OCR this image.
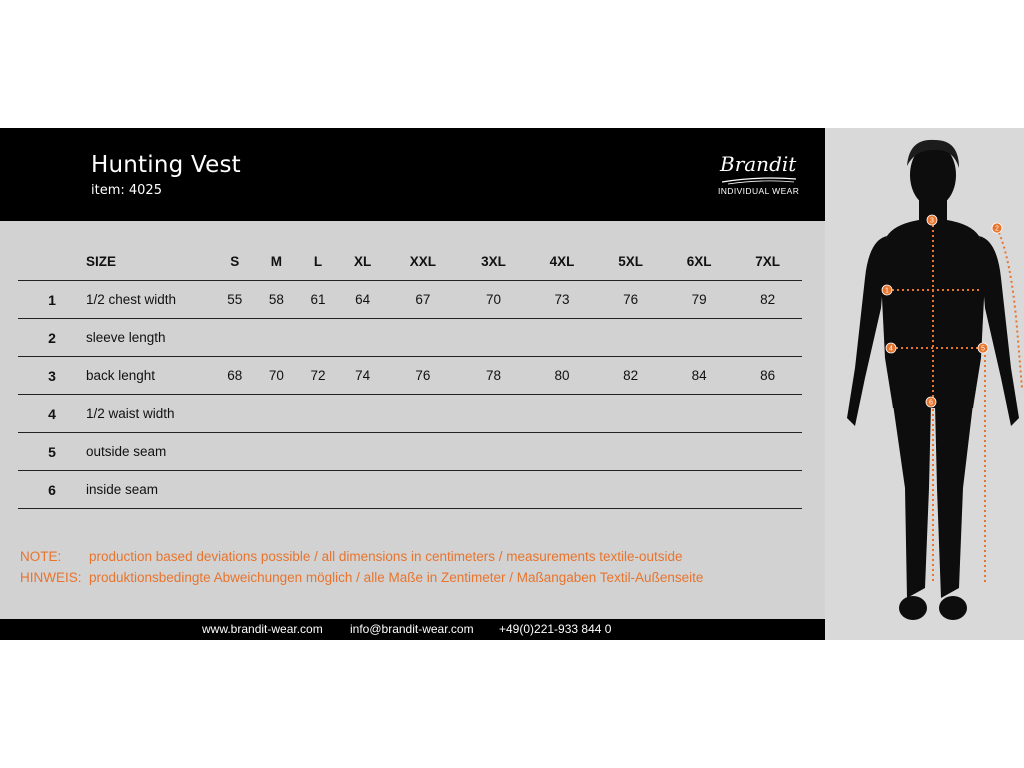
Hunting Vest
item: 4025
Brandit
INDIVIDUAL WEAR
	SIZE	S	M	L	XL	XXL	3XL	4XL	5XL	6XL	7XL
1	1/2 chest width	55	58	61	64	67	70	73	76	79	82
2	sleeve length										
3	back lenght	68	70	72	74	76	78	80	82	84	86
4	1/2 waist width										
5	outside seam										
6	inside seam										
NOTE: production based deviations possible / all dimensions in centimeters / measurements textile-outside
HINWEIS: produktionsbedingte Abweichungen möglich / alle Maße in Zentimeter / Maßangaben Textil-Außenseite
1
2
3
4	5
6
www.brandit-wear.com info@brandit-wear.com +49(0)221-933 844 0
